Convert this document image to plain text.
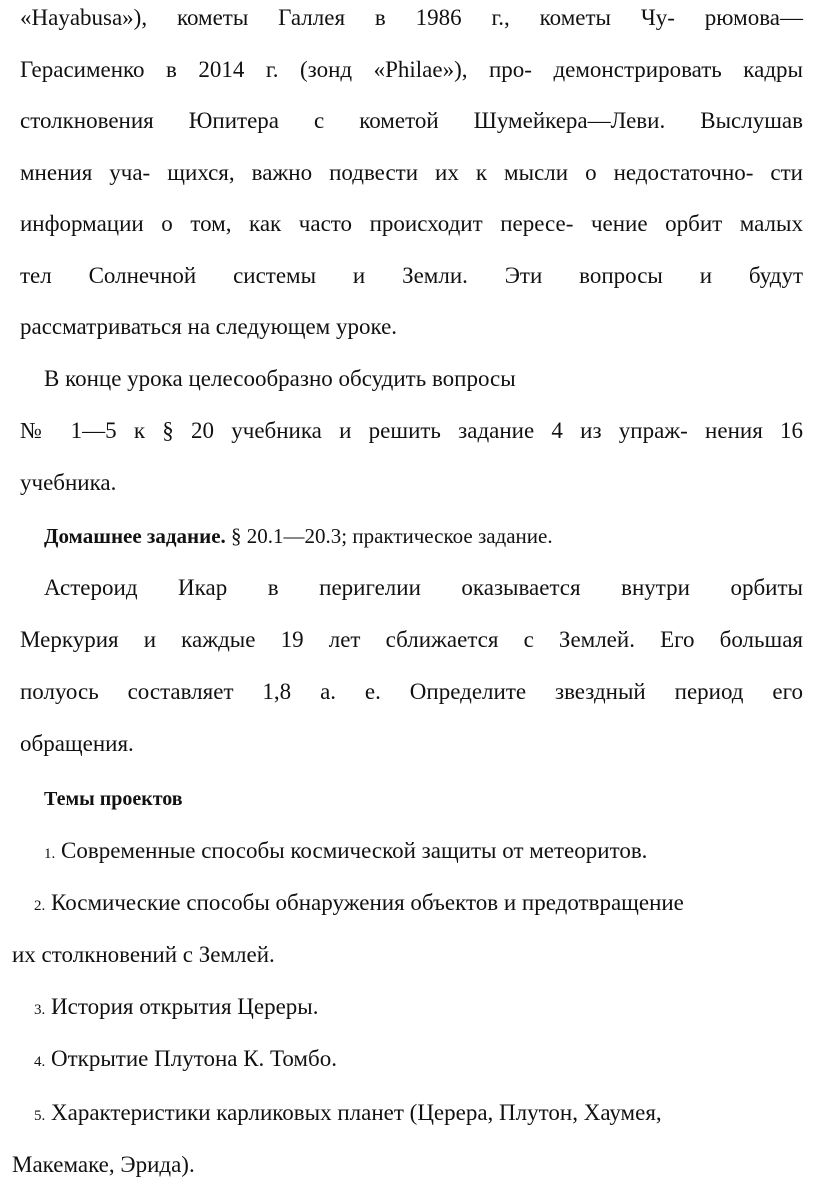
«Hayabusa»), кометы Галлея в 1986 г., кометы Чу- рюмова—
Герасименко в 2014 г. (зонд «Philae»), про- демонстрировать кадры
столкновения Юпитера с кометой Шумейкера—Леви. Выслушав
мнения уча- щихся, важно подвести их к мысли о недостаточно- сти
информации о том, как часто происходит пересе- чение орбит малых
тел Солнечной системы и Земли. Эти вопросы и будут
рассматриваться на следующем уроке.
В конце урока целесообразно обсудить вопросы
№ 1—5 к § 20 учебника и решить задание 4 из упраж- нения 16
учебника.
Домашнее задание. § 20.1—20.3; практическое задание.
Астероид Икар в перигелии оказывается внутри орбиты
Меркурия и каждые 19 лет сближается с Землей. Его большая
полуось составляет 1,8 а. е. Определите звездный период его
обращения.
Темы проектов
1. Современные способы космической защиты от метеоритов.
2. Космические способы обнаружения объектов и предотвращение
их столкновений с Землей.
3. История открытия Цереры.
4. Открытие Плутона К. Томбо.
5. Характеристики карликовых планет (Церера, Плутон, Хаумея,
Макемаке, Эрида).
